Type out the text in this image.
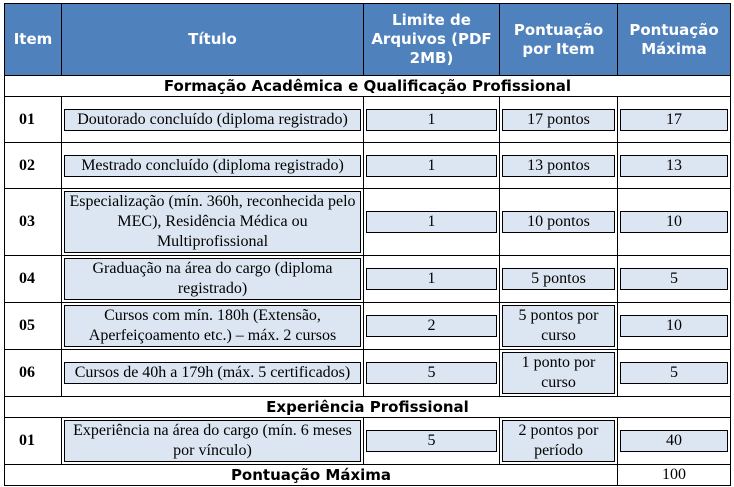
Item	Título	Limite de Arquivos (PDF 2MB)	Pontuação por Item	Pontuação Máxima
Formação Acadêmica e Qualificação Profissional				
01	Doutorado concluído (diploma registrado)	1	17 pontos	17

02	Mestrado concluído (diploma registrado)	1	13 pontos	13

03	Especialização (mín. 360h, reconhecida pelo MEC), Residência Médica ou Multiprofissional	1	10 pontos	10

04	Graduação na área do cargo (diploma registrado)	1	5 pontos	5

05	Cursos com mín. 180h (Extensão, Aperfeiçoamento etc.) – máx. 2 cursos	2	5 pontos por curso	10

06	Cursos de 40h a 179h (máx. 5 certificados)	5	1 ponto por curso	5

Experiência Profissional				
01	Experiência na área do cargo (mín. 6 meses por vínculo)	5	2 pontos por período	40

Pontuação Máxima				100
